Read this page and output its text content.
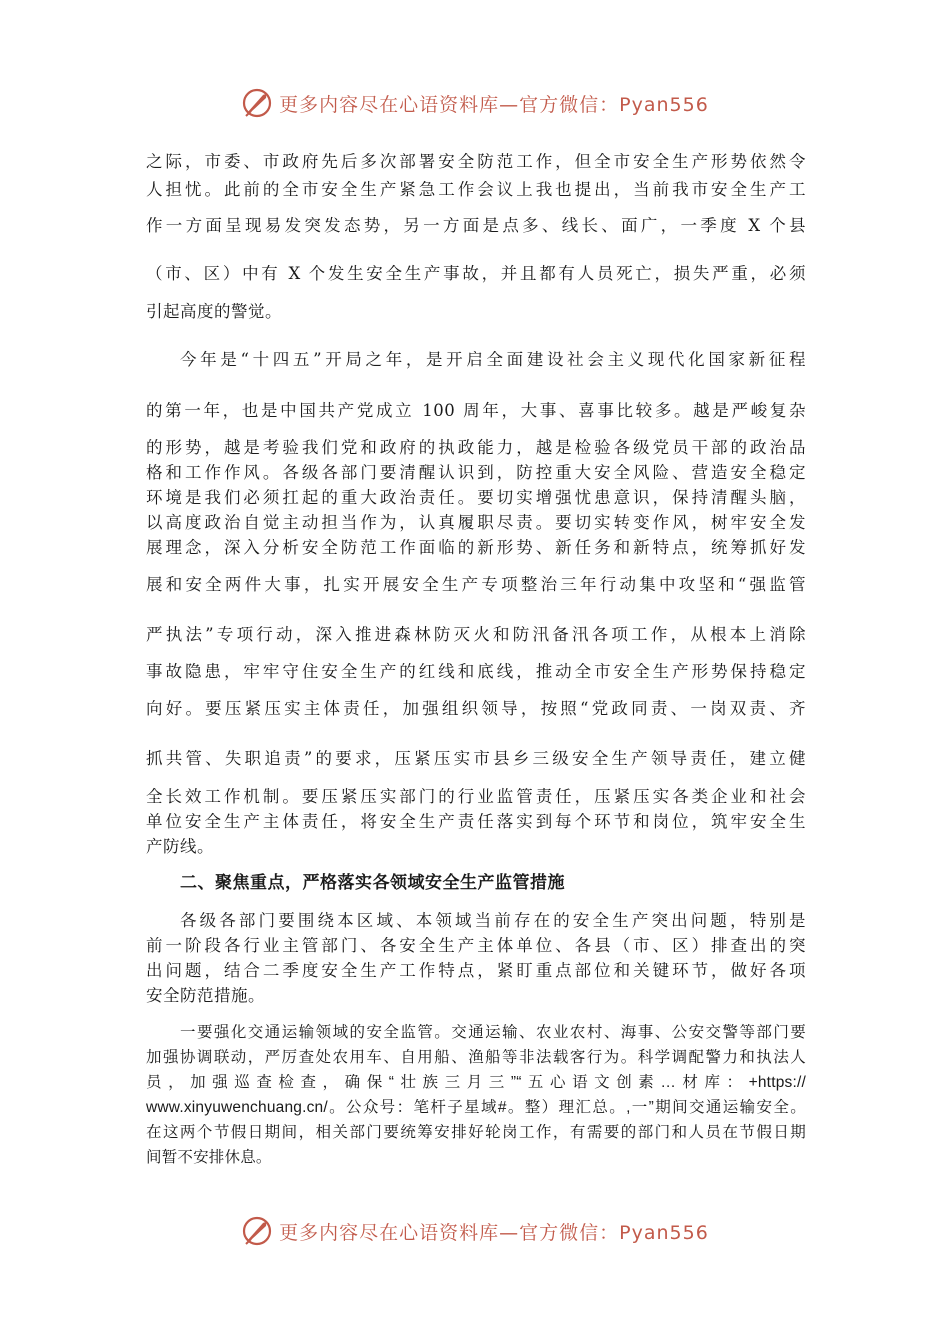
更多内容尽在心语资料库—官方微信：Pyan556
之际，市委、市政府先后多次部署安全防范工作，但全市安全生产形势依然令
人担忧。此前的全市安全生产紧急工作会议上我也提出，当前我市安全生产工
作一方面呈现易发突发态势，另一方面是点多、线长、面广，一季度 X 个县
（市、区）中有 X 个发生安全生产事故，并且都有人员死亡，损失严重，必须
引起高度的警觉。
今年是“十四五”开局之年，是开启全面建设社会主义现代化国家新征程
的第一年，也是中国共产党成立 100 周年，大事、喜事比较多。越是严峻复杂
的形势，越是考验我们党和政府的执政能力，越是检验各级党员干部的政治品
格和工作作风。各级各部门要清醒认识到，防控重大安全风险、营造安全稳定
环境是我们必须扛起的重大政治责任。要切实增强忧患意识，保持清醒头脑，
以高度政治自觉主动担当作为，认真履职尽责。要切实转变作风，树牢安全发
展理念，深入分析安全防范工作面临的新形势、新任务和新特点，统筹抓好发
展和安全两件大事，扎实开展安全生产专项整治三年行动集中攻坚和“强监管
严执法”专项行动，深入推进森林防灭火和防汛备汛各项工作，从根本上消除
事故隐患，牢牢守住安全生产的红线和底线，推动全市安全生产形势保持稳定
向好。要压紧压实主体责任，加强组织领导，按照“党政同责、一岗双责、齐
抓共管、失职追责”的要求，压紧压实市县乡三级安全生产领导责任，建立健
全长效工作机制。要压紧压实部门的行业监管责任，压紧压实各类企业和社会
单位安全生产主体责任，将安全生产责任落实到每个环节和岗位，筑牢安全生
产防线。
二、聚焦重点，严格落实各领域安全生产监管措施
各级各部门要围绕本区域、本领域当前存在的安全生产突出问题，特别是
前一阶段各行业主管部门、各安全生产主体单位、各县（市、区）排查出的突
出问题，结合二季度安全生产工作特点，紧盯重点部位和关键环节，做好各项
安全防范措施。
一要强化交通运输领域的安全监管。交通运输、农业农村、海事、公安交警等部门要
加强协调联动，严厉查处农用车、自用船、渔船等非法载客行为。科学调配警力和执法人
员，加强巡查检查，确保“壮族三月三”“五心语文创素…材库：+https://
www.xinyuwenchuang.cn/。公众号：笔杆子星域#。整）理汇总。,一”期间交通运输安全。
在这两个节假日期间，相关部门要统筹安排好轮岗工作，有需要的部门和人员在节假日期
间暂不安排休息。
更多内容尽在心语资料库—官方微信：Pyan556
